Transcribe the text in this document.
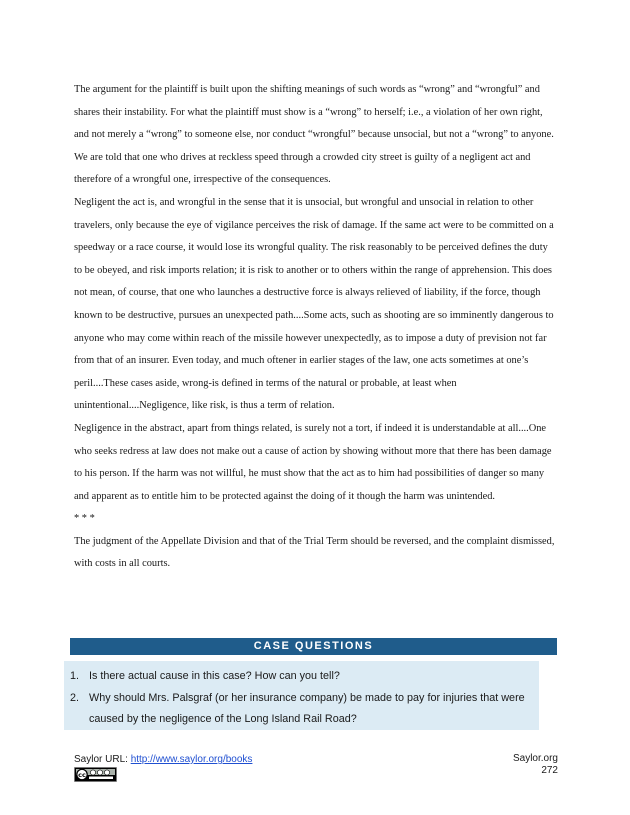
The argument for the plaintiff is built upon the shifting meanings of such words as “wrong” and “wrongful” and shares their instability. For what the plaintiff must show is a “wrong” to herself; i.e., a violation of her own right, and not merely a “wrong” to someone else, nor conduct “wrongful” because unsocial, but not a “wrong” to anyone. We are told that one who drives at reckless speed through a crowded city street is guilty of a negligent act and therefore of a wrongful one, irrespective of the consequences.

Negligent the act is, and wrongful in the sense that it is unsocial, but wrongful and unsocial in relation to other travelers, only because the eye of vigilance perceives the risk of damage. If the same act were to be committed on a speedway or a race course, it would lose its wrongful quality. The risk reasonably to be perceived defines the duty to be obeyed, and risk imports relation; it is risk to another or to others within the range of apprehension. This does not mean, of course, that one who launches a destructive force is always relieved of liability, if the force, though known to be destructive, pursues an unexpected path....Some acts, such as shooting are so imminently dangerous to anyone who may come within reach of the missile however unexpectedly, as to impose a duty of prevision not far from that of an insurer. Even today, and much oftener in earlier stages of the law, one acts sometimes at one’s peril....These cases aside, wrong-is defined in terms of the natural or probable, at least when unintentional....Negligence, like risk, is thus a term of relation.

Negligence in the abstract, apart from things related, is surely not a tort, if indeed it is understandable at all....One who seeks redress at law does not make out a cause of action by showing without more that there has been damage to his person. If the harm was not willful, he must show that the act as to him had possibilities of danger so many and apparent as to entitle him to be protected against the doing of it though the harm was unintended.

* * *

The judgment of the Appellate Division and that of the Trial Term should be reversed, and the complaint dismissed, with costs in all courts.

CASE QUESTIONS
1. Is there actual cause in this case? How can you tell?
2. Why should Mrs. Palsgraf (or her insurance company) be made to pay for injuries that were caused by the negligence of the Long Island Rail Road?
Saylor URL: http://www.saylor.org/books
cc
Saylor.org
272
